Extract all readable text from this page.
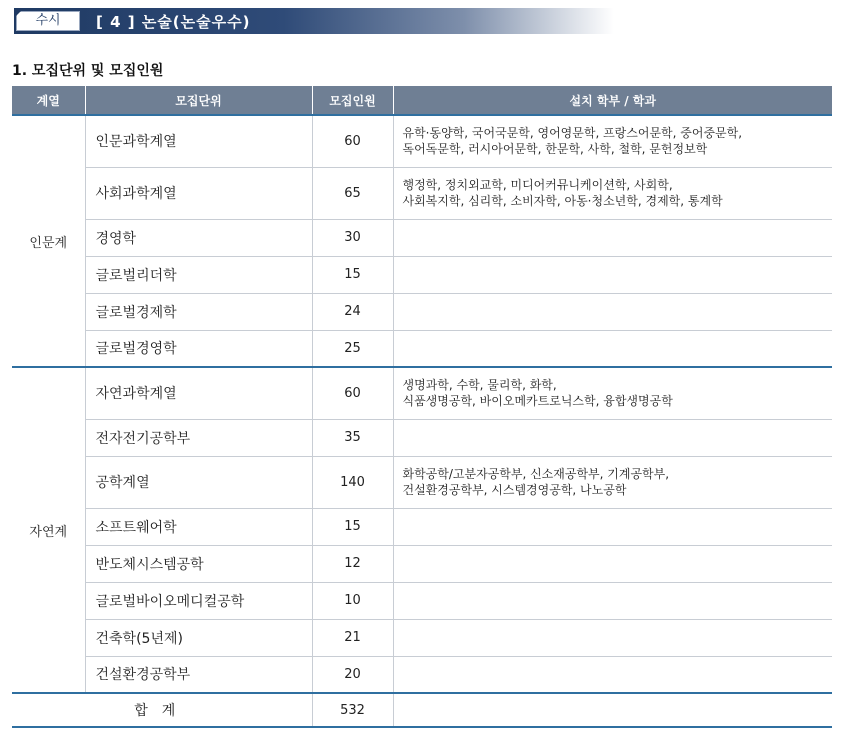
수시	[ 4 ] 논술(논술우수)
1. 모집단위 및 모집인원
계열	모집단위	모집인원	설치 학부 / 학과
인문계	인문과학계열	60	유학·동양학, 국어국문학, 영어영문학, 프랑스어문학, 중어중문학,
독어독문학, 러시아어문학, 한문학, 사학, 철학, 문헌정보학

	사회과학계열	65	행정학, 정치외교학, 미디어커뮤니케이션학, 사회학,
사회복지학, 심리학, 소비자학, 아동·청소년학, 경제학, 통계학

	경영학	30	
	글로벌리더학	15	
	글로벌경제학	24	
	글로벌경영학	25	
자연계	자연과학계열	60	생명과학, 수학, 물리학, 화학,
식품생명공학, 바이오메카트로닉스학, 융합생명공학

	전자전기공학부	35	
	공학계열	140	화학공학/고분자공학부, 신소재공학부, 기계공학부,
건설환경공학부, 시스템경영공학, 나노공학

	소프트웨어학	15	
	반도체시스템공학	12	
	글로벌바이오메디컬공학	10	
	건축학(5년제)	21	
	건설환경공학부	20	
합계		532	
